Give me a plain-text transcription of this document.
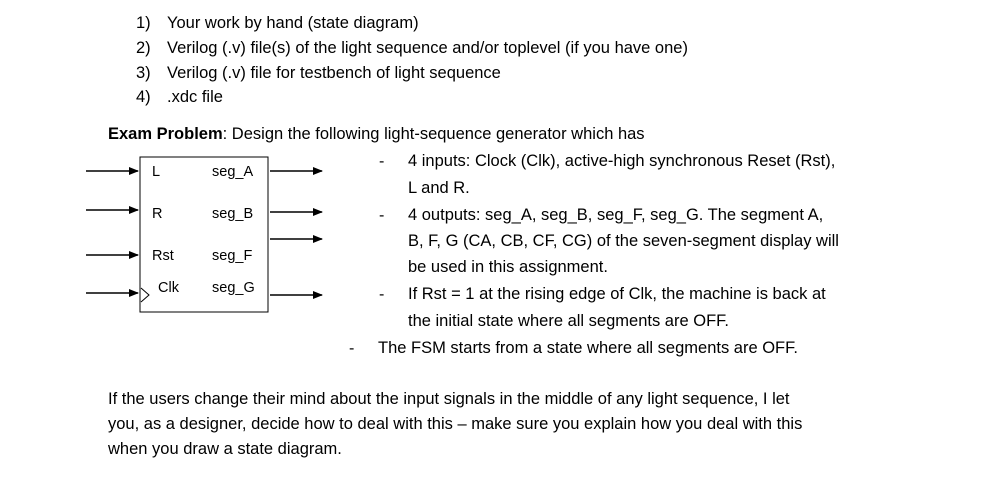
1) Your work by hand (state diagram)
2) Verilog (.v) file(s) of the light sequence and/or toplevel (if you have one)
3) Verilog (.v) file for testbench of light sequence
4) .xdc file
Exam Problem: Design the following light-sequence generator which has
L
R
Rst
Clk
seg_A
seg_B
seg_F
seg_G
- 4 inputs: Clock (Clk), active-high synchronous Reset (Rst),
L and R.
- 4 outputs: seg_A, seg_B, seg_F, seg_G. The segment A,
B, F, G (CA, CB, CF, CG) of the seven-segment display will
be used in this assignment.
- If Rst = 1 at the rising edge of Clk, the machine is back at
the initial state where all segments are OFF.
- The FSM starts from a state where all segments are OFF.
If the users change their mind about the input signals in the middle of any light sequence, I let
you, as a designer, decide how to deal with this – make sure you explain how you deal with this
when you draw a state diagram.
